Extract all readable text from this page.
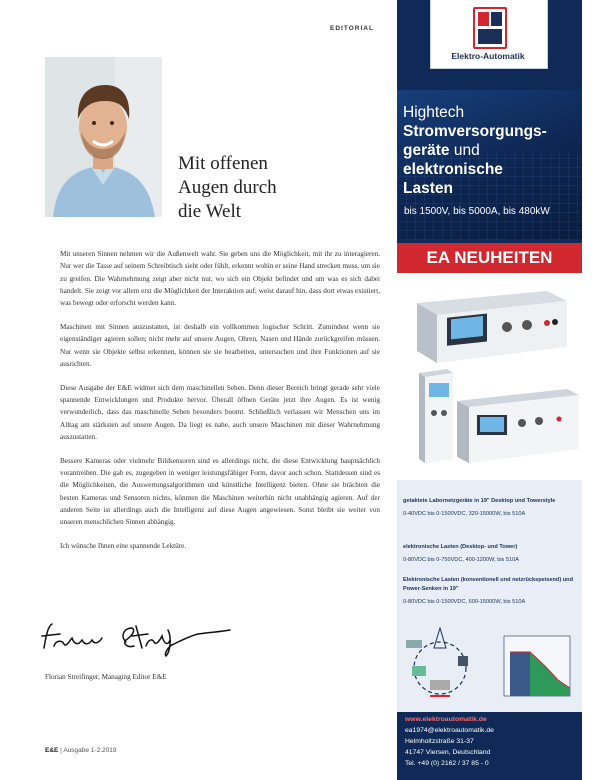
EDITORIAL
Mit offenen
Augen durch
die Welt

Mit unseren Sinnen nehmen wir die Außenwelt wahr. Sie geben uns die Möglichkeit, mit ihr zu interagieren. Nur wer die Tasse auf seinem Schreibtisch sieht oder fühlt, erkennt wohin er seine Hand strecken muss, um sie zu greifen. Die Wahrnehmung zeigt aber nicht nur, wo sich ein Objekt befindet und um was es sich dabei handelt. Sie zeigt vor allem erst die Möglichkeit der Interaktion auf; weist darauf hin, dass dort etwas existiert, was bewegt oder erforscht werden kann.

Maschinen mit Sinnen auszustatten, ist deshalb ein vollkommen logischer Schritt. Zumindest wenn sie eigenständiger agieren sollen; nicht mehr auf unsere Augen, Ohren, Nasen und Hände zurückgreifen müssen. Nur wenn sie Objekte selbst erkennen, können sie sie bearbeiten, untersuchen und ihre Funktionen auf sie ausrichten.

Diese Ausgabe der E&E widmet sich dem maschinellen Sehen. Denn dieser Bereich bringt gerade sehr viele spannende Entwicklungen und Produkte hervor. Überall öffnen Geräte jetzt ihre Augen. Es ist wenig verwunderlich, dass das maschinelle Sehen besonders boomt. Schließlich verlassen wir Menschen uns im Alltag am stärksten auf unsere Augen. Da liegt es nahe, auch unsere Maschinen mit dieser Wahrnehmung auszustatten.

Bessere Kameras oder vielmehr Bildsensoren sind es allerdings nicht, die diese Entwicklung hauptsächlich vorantreiben. Die gab es, zugegeben in weniger leistungsfähiger Form, davor auch schon. Stattdessen sind es die Möglichkeiten, die Auswertungsalgorithmen und künstliche Intelligenz bieten. Ohne sie brächten die besten Kameras und Sensoren nichts, könnten die Maschinen weiterhin nicht unabhängig agieren. Auf der anderen Seite ist allerdings auch die Intelligenz auf diese Augen angewiesen. Sonst bleibt sie weiter von unseren menschlichen Sinnen abhängig.

Ich wünsche Ihnen eine spannende Lektüre.

Florian Streifinger, Managing Editor E&E
E&E | Ausgabe 1-2.2019
Elektro-Automatik
Hightech
Stromversorgungs-
geräte und
elektronische
Lasten
bis 1500V, bis 5000A, bis 480kW
EA NEUHEITEN
getaktete Labornetzgeräte in 19" Desktop und Towerstyle
0-40VDC bis 0-1500VDC, 320-15000W, bis 510A
elektronische Lasten (Desktop- und Tower)
0-80VDC bis 0-750VDC, 400-1200W, bis 510A
Elektronische Lasten (konventionell und netzrückspeisend) und Power-Senken in 19"
0-80VDC bis 0-1500VDC, 600-15000W, bis 510A
www.elektroautomatik.de
ea1974@elektroautomatik.de
Helmholtzstraße 31-37
41747 Viersen, Deutschland
Tel. +49 (0) 2162 / 37 85 - 0
